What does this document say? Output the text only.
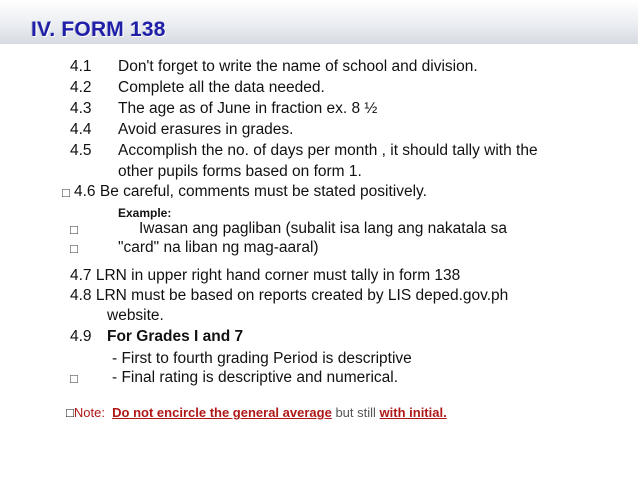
IV. FORM 138
4.1 Don't forget to write the name of school and division.
4.2 Complete all the data needed.
4.3 The age as of June in fraction ex. 8 ½
4.4 Avoid erasures in grades.
4.5 Accomplish the no. of days per month , it should tally with the
other pupils forms based on form 1.
□ 4.6 Be careful, comments must be stated positively.
Example:
□	Iwasan ang pagliban (subalit isa lang ang nakatala sa
□	"card" na liban ng mag-aaral)
4.7 LRN in upper right hand corner must tally in form 138
4.8 LRN must be based on reports created by LIS deped.gov.ph
website.
4.9 For Grades I and 7
- First to fourth grading Period is descriptive
□ - Final rating is descriptive and numerical.
□Note: Do not encircle the general average but still with initial.
